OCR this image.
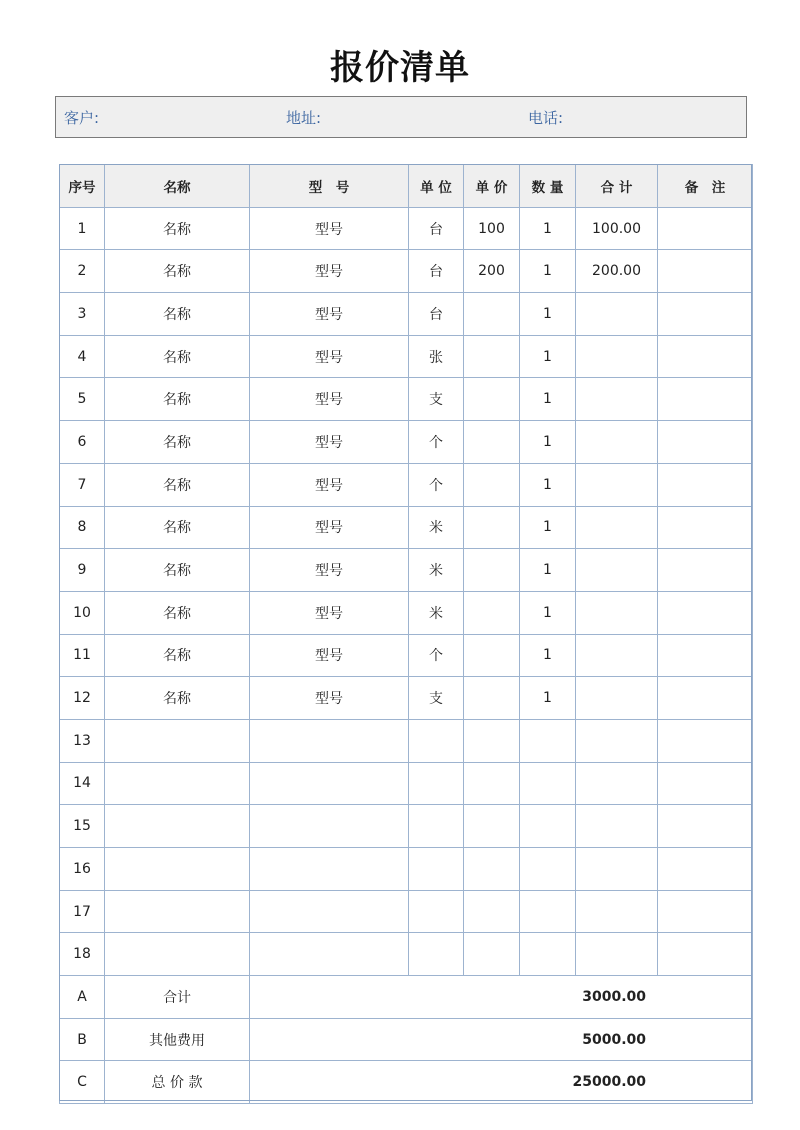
报价清单
客户:	地址:	电话:
序号	名称	型　号	单 位	单 价	数 量	合 计	备　注
1	名称	型号	台	100	1	100.00	
2	名称	型号	台	200	1	200.00	
3	名称	型号	台		1		
4	名称	型号	张		1		
5	名称	型号	支		1		
6	名称	型号	个		1		
7	名称	型号	个		1		
8	名称	型号	米		1		
9	名称	型号	米		1		
10	名称	型号	米		1		
11	名称	型号	个		1		
12	名称	型号	支		1		
13							
14							
15							
16							
17							
18							
A	合计	3000.00					
B	其他费用	5000.00					
C	总 价 款	25000.00					
